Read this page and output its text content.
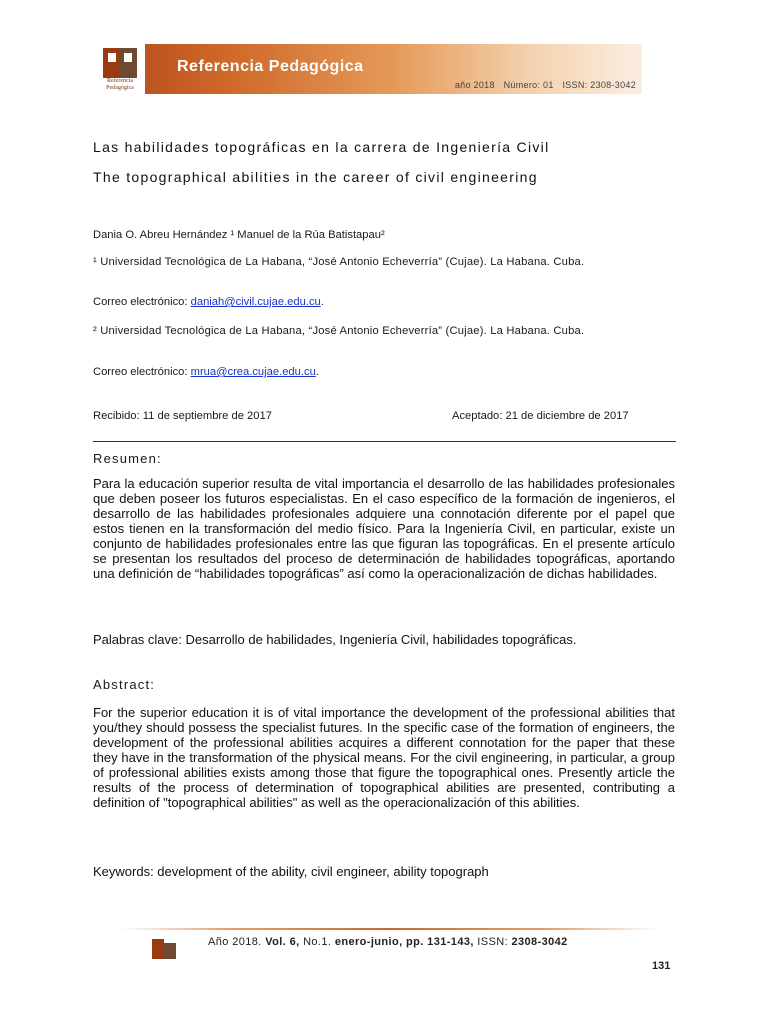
Referencia Pedagógica
Referencia Pedagógica
año 2018 Número: 01 ISSN: 2308-3042
Las habilidades topográficas en la carrera de Ingeniería Civil
The topographical abilities in the career of civil engineering
Dania O. Abreu Hernández ¹ Manuel de la Rúa Batistapau²
¹ Universidad Tecnológica de La Habana, “José Antonio Echeverría” (Cujae). La Habana. Cuba.
Correo electrónico: daniah@civil.cujae.edu.cu.
² Universidad Tecnológica de La Habana, “José Antonio Echeverría” (Cujae). La Habana. Cuba.
Correo electrónico: mrua@crea.cujae.edu.cu.
Recibido: 11 de septiembre de 2017	Aceptado: 21 de diciembre de 2017
Resumen:
Para la educación superior resulta de vital importancia el desarrollo de las habilidades profesionales que deben poseer los futuros especialistas. En el caso específico de la formación de ingenieros, el desarrollo de las habilidades profesionales adquiere una connotación diferente por el papel que estos tienen en la transformación del medio físico. Para la Ingeniería Civil, en particular, existe un conjunto de habilidades profesionales entre las que figuran las topográficas. En el presente artículo se presentan los resultados del proceso de determinación de habilidades topográficas, aportando una definición de “habilidades topográficas” así como la operacionalización de dichas habilidades.
Palabras clave: Desarrollo de habilidades, Ingeniería Civil, habilidades topográficas.
Abstract:
For the superior education it is of vital importance the development of the professional abilities that you/they should possess the specialist futures. In the specific case of the formation of engineers, the development of the professional abilities acquires a different connotation for the paper that these they have in the transformation of the physical means. For the civil engineering, in particular, a group of professional abilities exists among those that figure the topographical ones. Presently article the results of the process of determination of topographical abilities are presented, contributing a definition of "topographical abilities" as well as the operacionalización of this abilities.
Keywords: development of the ability, civil engineer, ability topograph
Año 2018. Vol. 6, No.1. enero-junio, pp. 131-143, ISSN: 2308-3042
131
